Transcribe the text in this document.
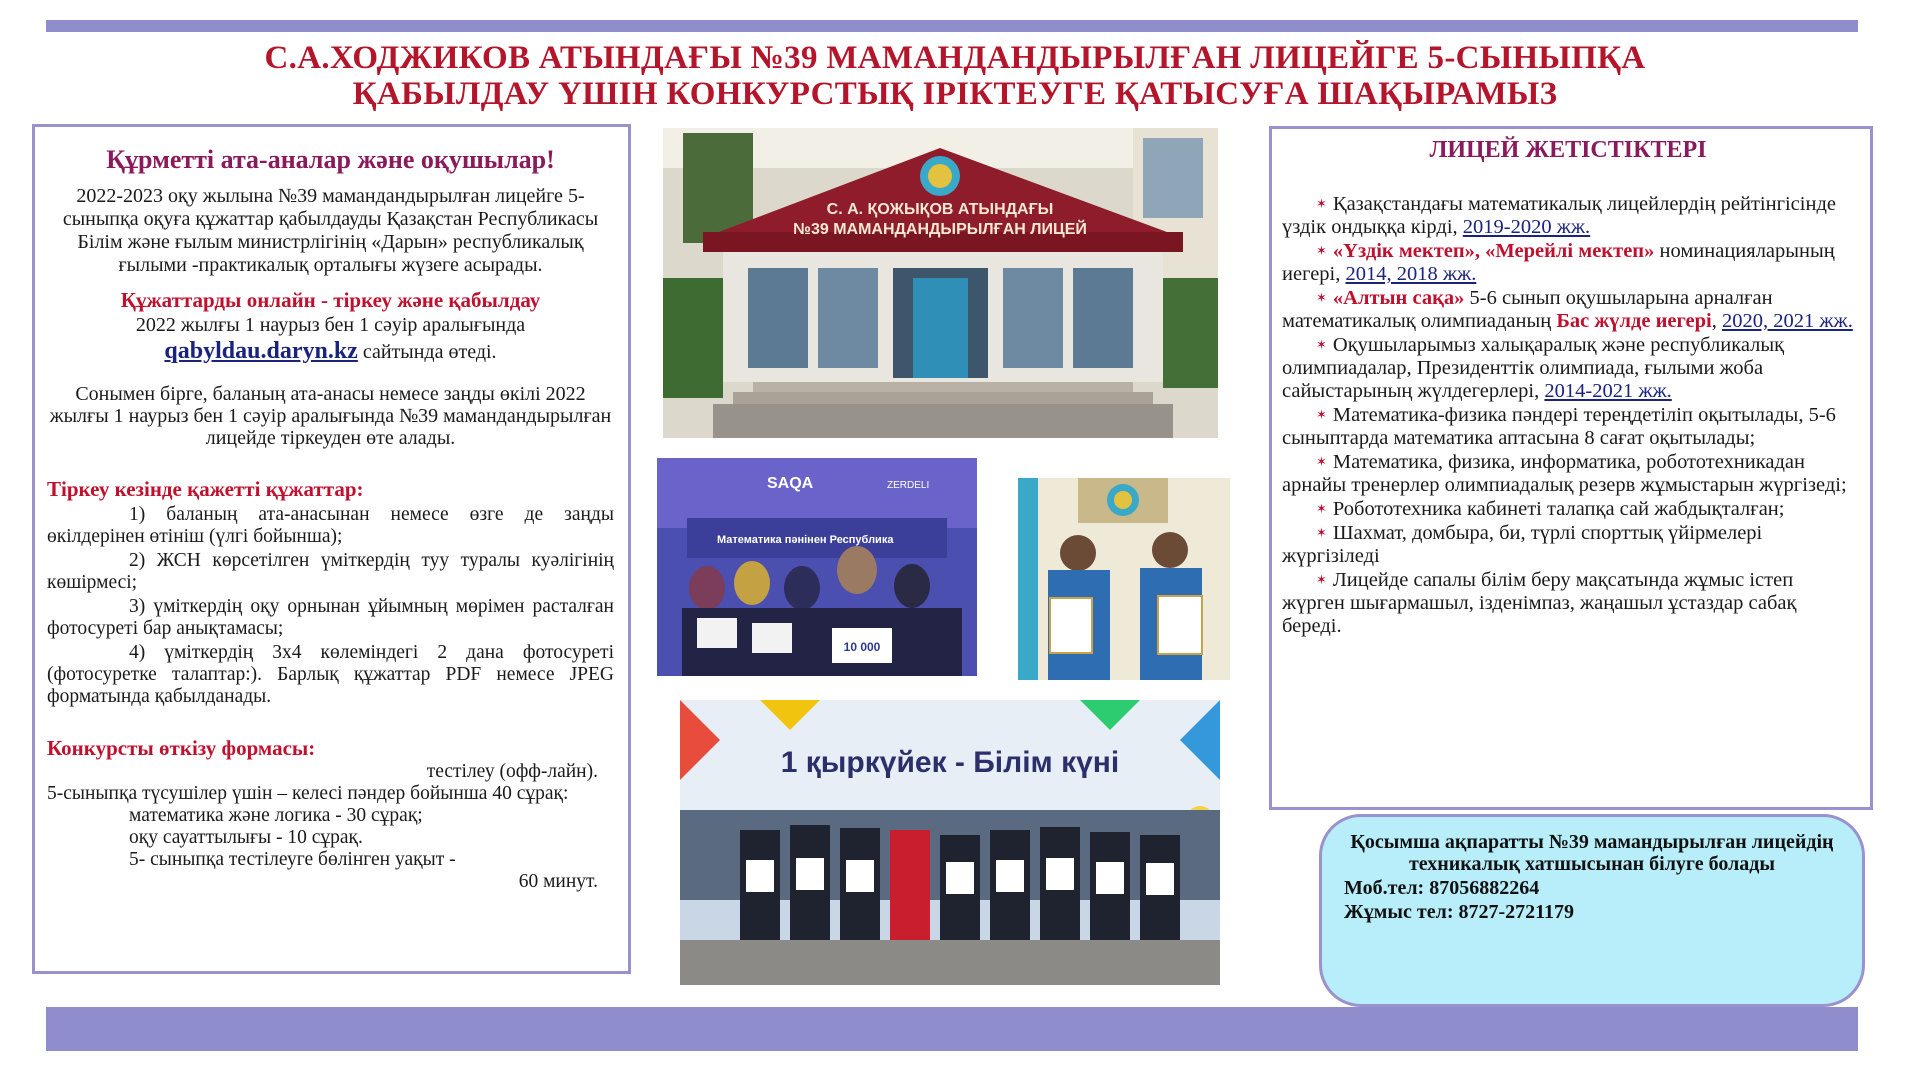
С.А.ХОДЖИКОВ АТЫНДАҒЫ №39 МАМАНДАНДЫРЫЛҒАН ЛИЦЕЙГЕ 5-СЫНЫПҚА
ҚАБЫЛДАУ ҮШІН КОНКУРСТЫҚ ІРІКТЕУГЕ ҚАТЫСУҒА ШАҚЫРАМЫЗ
Құрметті ата-аналар және оқушылар!

2022-2023 оқу жылына №39 мамандандырылған лицейге 5-сыныпқа оқуға құжаттар қабылдауды Қазақстан Республикасы Білім және ғылым министрлігінің «Дарын» республикалық ғылыми -практикалық орталығы жүзеге асырады.

Құжаттарды онлайн - тіркеу және қабылдау
2022 жылғы 1 наурыз бен 1 сәуір аралығында
qabyldau.daryn.kz сайтында өтеді.

Сонымен бірге, баланың ата-анасы немесе заңды өкілі 2022 жылғы 1 наурыз бен 1 сәуір аралығында №39 мамандандырылған лицейде тіркеуден өте алады.

Тіркеу кезінде қажетті құжаттар:

1) баланың ата-анасынан немесе өзге де заңды өкілдерінен өтініш (үлгі бойынша);

2) ЖСН көрсетілген үміткердің туу туралы куәлігінің көшірмесі;

3) үміткердің оқу орнынан ұйымның мөрімен расталған фотосуреті бар анықтамасы;

4) үміткердің 3х4 көлеміндегі 2 дана фотосуреті (фотосуретке талаптар:). Барлық құжаттар PDF немесе JPEG форматында қабылданады.

Конкурсты өткізу формасы:
тестілеу (офф-лайн).
5-сыныпқа түсушілер үшін – келесі пәндер бойынша 40 сұрақ:
математика және логика - 30 сұрақ;
оқу сауаттылығы - 10 сұрақ.
5- сыныпқа тестілеуге бөлінген уақыт -
60 минут.
С. А. ҚОЖЫҚОВ АТЫНДАҒЫ
№39 МАМАНДАНДЫРЫЛҒАН ЛИЦЕЙ
SAQA	ZERDELI
Математика пәнінен Республика
10 000
1 қыркүйек - Білім күні
ЛИЦЕЙ ЖЕТІСТІКТЕРІ

✶ Қазақстандағы математикалық лицейлердің рейтінгісінде үздік ондыққа кірді, 2019-2020 жж.

✶ «Үздік мектеп», «Мерейлі мектеп» номинацияларының иегері, 2014, 2018 жж.

✶ «Алтын сақа» 5-6 сынып оқушыларына арналған математикалық олимпиаданың Бас жүлде иегері, 2020, 2021 жж.

✶ Оқушыларымыз халықаралық және республикалық олимпиадалар, Президенттік олимпиада, ғылыми жоба сайыстарының жүлдегерлері, 2014-2021 жж.

✶ Математика-физика пәндері тереңдетіліп оқытылады, 5-6 сыныптарда математика аптасына 8 сағат оқытылады;

✶ Математика, физика, информатика, робототехникадан арнайы тренерлер олимпиадалық резерв жұмыстарын жүргізеді;

✶ Робототехника кабинеті талапқа сай жабдықталған;

✶ Шахмат, домбыра, би, түрлі спорттық үйірмелері жүргізіледі

✶ Лицейде сапалы білім беру мақсатында жұмыс істеп жүрген шығармашыл, ізденімпаз, жаңашыл ұстаздар сабақ береді.

Қосымша ақпаратты №39 мамандырылған лицейдің техникалық хатшысынан білуге болады
Моб.тел: 87056882264
Жұмыс тел: 8727-2721179
